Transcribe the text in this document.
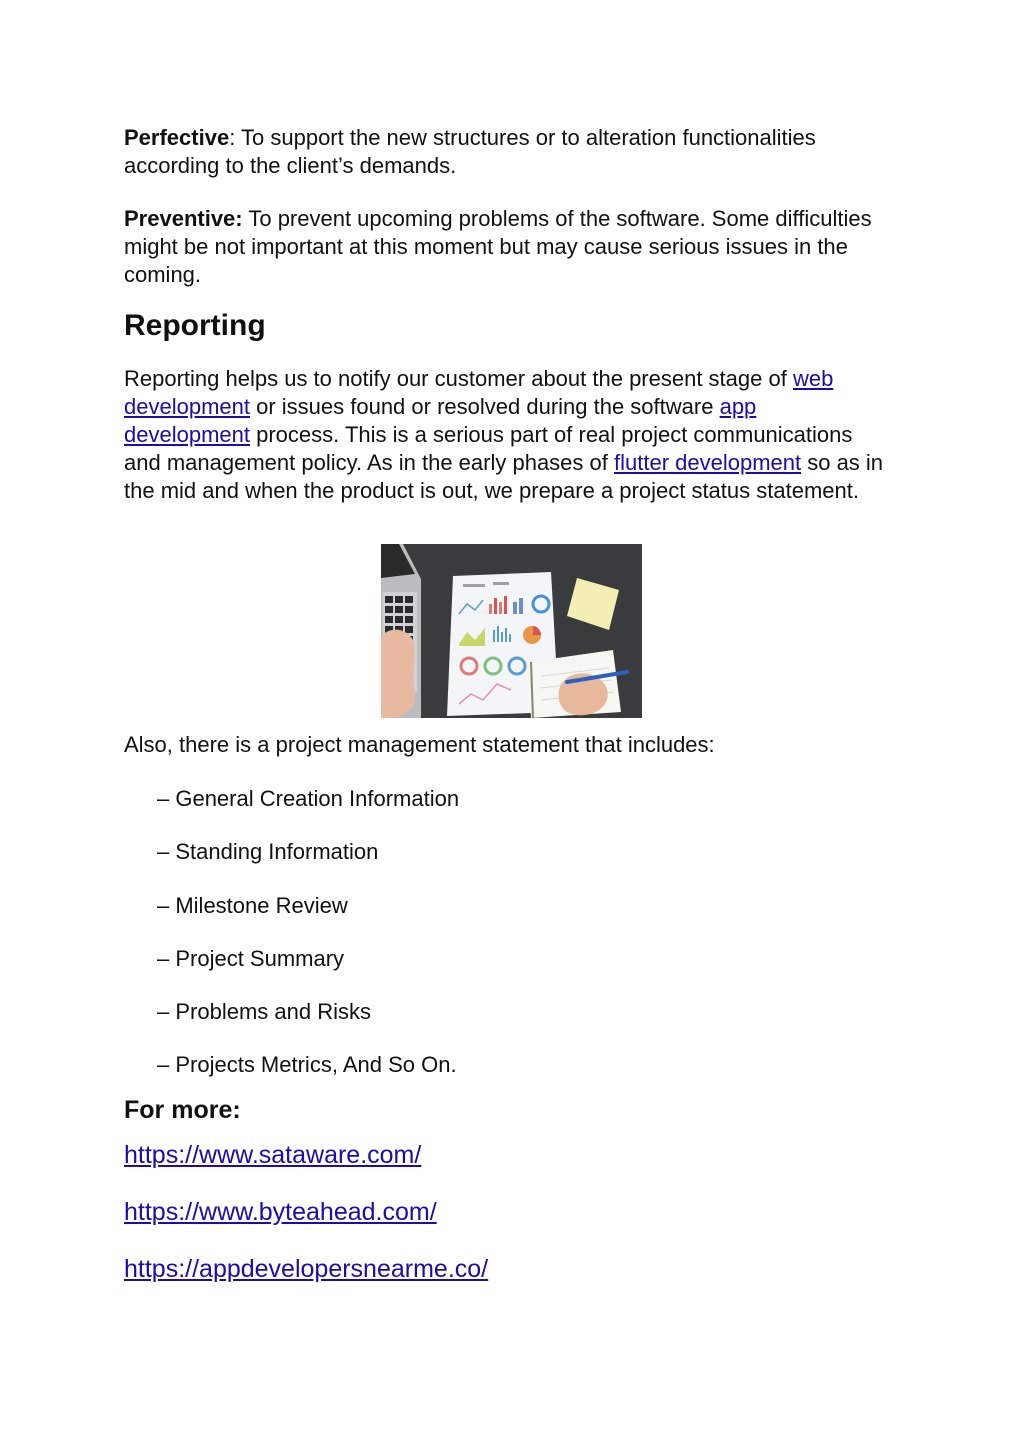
Perfective: To support the new structures or to alteration functionalities according to the client’s demands.

Preventive: To prevent upcoming problems of the software. Some difficulties might be not important at this moment but may cause serious issues in the coming.

Reporting

Reporting helps us to notify our customer about the present stage of web development or issues found or resolved during the software app development process. This is a serious part of real project communications and management policy. As in the early phases of flutter development so as in the mid and when the product is out, we prepare a project status statement.

Also, there is a project management statement that includes:

– General Creation Information
– Standing Information
– Milestone Review
– Project Summary
– Problems and Risks
– Projects Metrics, And So On.
For more:
https://www.sataware.com/
https://www.byteahead.com/
https://appdevelopersnearme.co/
